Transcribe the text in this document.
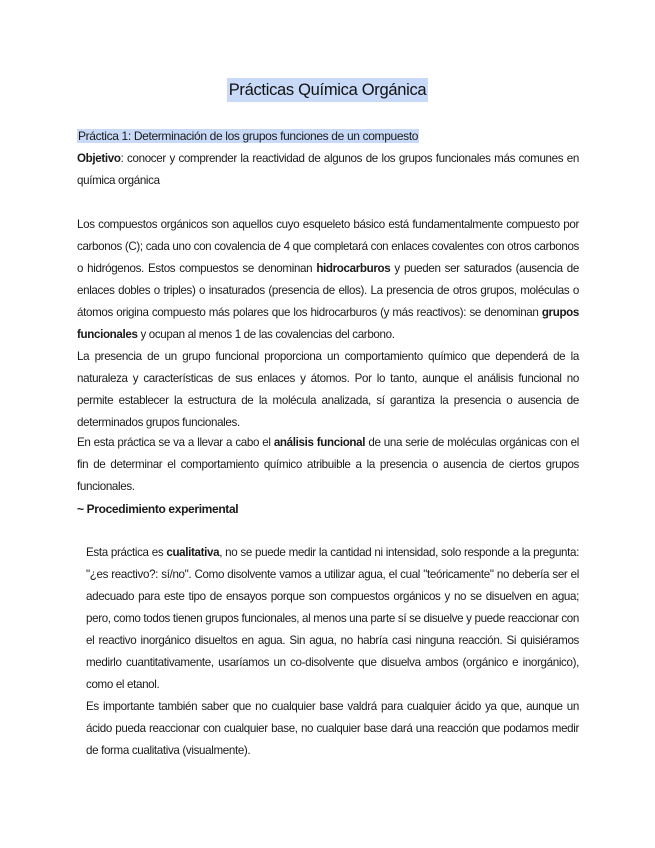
Prácticas Química Orgánica
Práctica 1: Determinación de los grupos funciones de un compuesto

Objetivo: conocer y comprender la reactividad de algunos de los grupos funcionales más comunes en química orgánica

Los compuestos orgánicos son aquellos cuyo esqueleto básico está fundamentalmente compuesto por carbonos (C); cada uno con covalencia de 4 que completará con enlaces covalentes con otros carbonos o hidrógenos. Estos compuestos se denominan hidrocarburos y pueden ser saturados (ausencia de enlaces dobles o triples) o insaturados (presencia de ellos). La presencia de otros grupos, moléculas o átomos origina compuesto más polares que los hidrocarburos (y más reactivos): se denominan grupos funcionales y ocupan al menos 1 de las covalencias del carbono.

La presencia de un grupo funcional proporciona un comportamiento químico que dependerá de la naturaleza y características de sus enlaces y átomos. Por lo tanto, aunque el análisis funcional no permite establecer la estructura de la molécula analizada, sí garantiza la presencia o ausencia de determinados grupos funcionales.

En esta práctica se va a llevar a cabo el análisis funcional de una serie de moléculas orgánicas con el fin de determinar el comportamiento químico atribuible a la presencia o ausencia de ciertos grupos funcionales.

~ Procedimiento experimental

Esta práctica es cualitativa, no se puede medir la cantidad ni intensidad, solo responde a la pregunta: "¿es reactivo?: sí/no". Como disolvente vamos a utilizar agua, el cual "teóricamente" no debería ser el adecuado para este tipo de ensayos porque son compuestos orgánicos y no se disuelven en agua; pero, como todos tienen grupos funcionales, al menos una parte sí se disuelve y puede reaccionar con el reactivo inorgánico disueltos en agua. Sin agua, no habría casi ninguna reacción. Si quisiéramos medirlo cuantitativamente, usaríamos un co-disolvente que disuelva ambos (orgánico e inorgánico), como el etanol.

Es importante también saber que no cualquier base valdrá para cualquier ácido ya que, aunque un ácido pueda reaccionar con cualquier base, no cualquier base dará una reacción que podamos medir de forma cualitativa (visualmente).
